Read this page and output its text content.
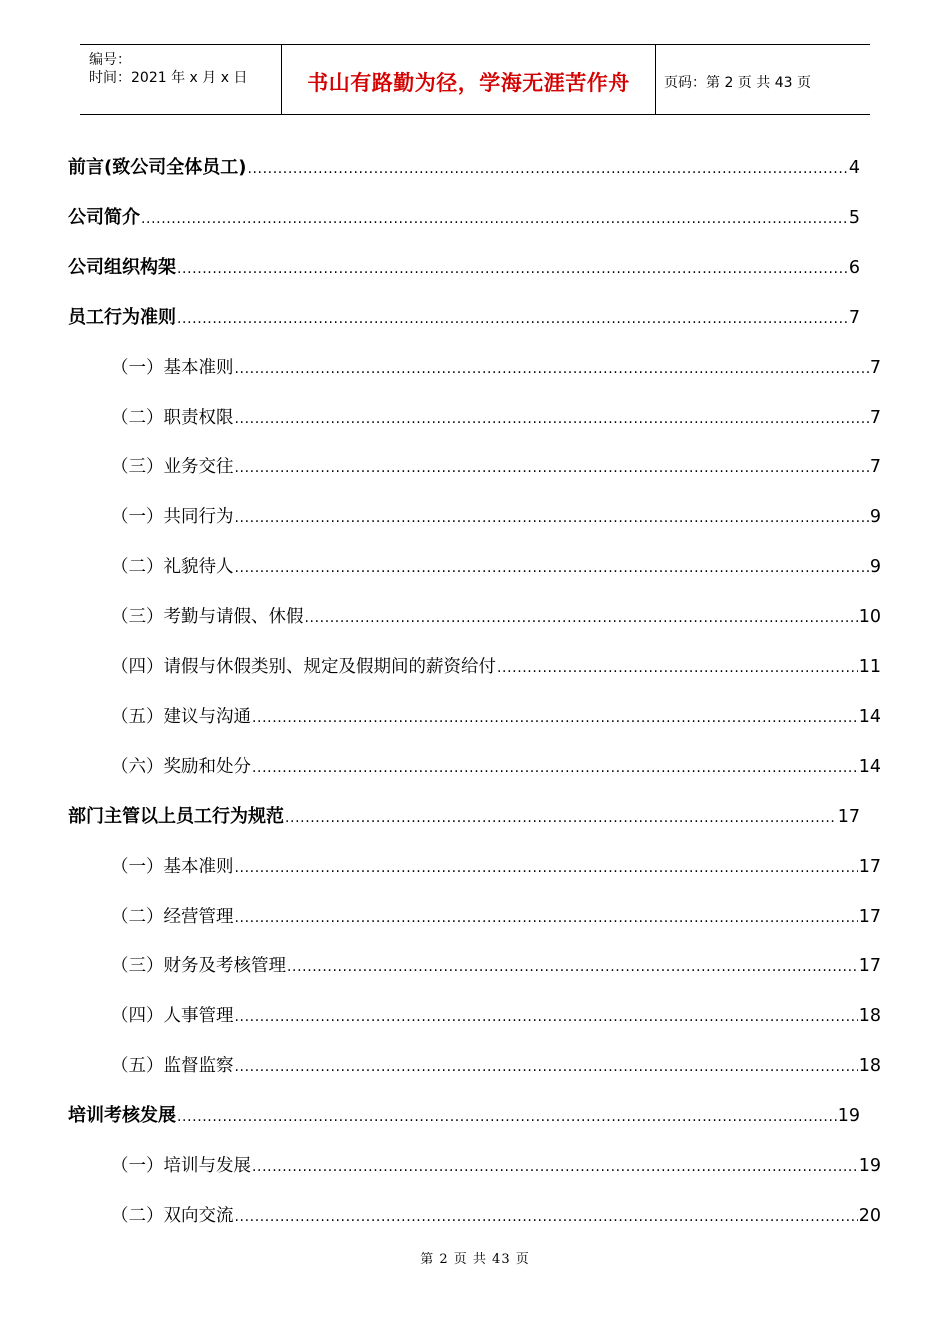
编号：
时间：2021 年 x 月 x 日	书山有路勤为径，学海无涯苦作舟	页码：第 2 页 共 43 页
前言(致公司全体员工) .....	4
公司简介 .....	5
公司组织构架 .....	6
员工行为准则 .....	7
（一）基本准则 .....	7
（二）职责权限 .....	7
（三）业务交往 .....	7
（一）共同行为 .....	9
（二）礼貌待人 .....	9
（三）考勤与请假、休假 .....	10
（四）请假与休假类别、规定及假期间的薪资给付 .....	11
（五）建议与沟通 .....	14
（六）奖励和处分 .....	14
部门主管以上员工行为规范 .....	17
（一）基本准则 .....	17
（二）经营管理 .....	17
（三）财务及考核管理 .....	17
（四）人事管理 .....	18
（五）监督监察 .....	18
培训考核发展 .....	19
（一）培训与发展 .....	19
（二）双向交流 .....	20
第 2 页 共 43 页
